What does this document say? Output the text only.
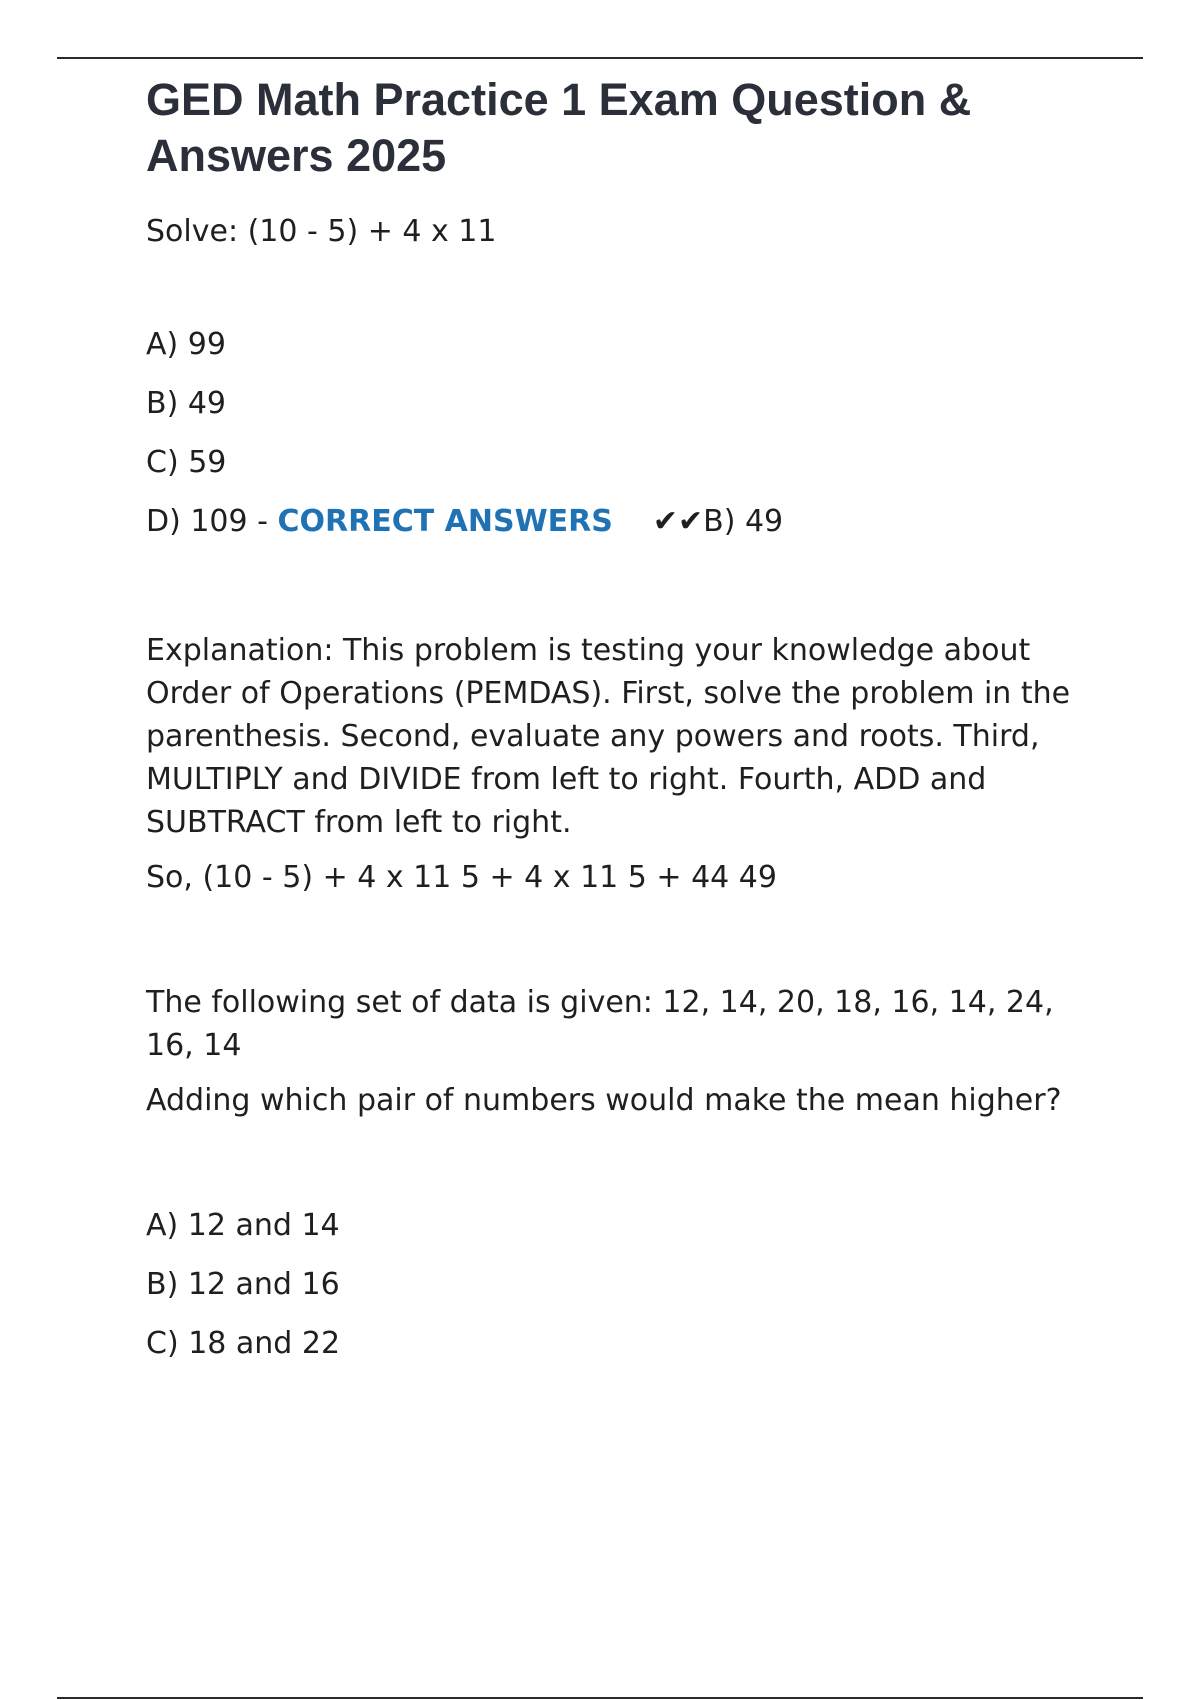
GED Math Practice 1 Exam Question & Answers 2025

Solve: (10 - 5) + 4 x 11

A) 99

B) 49

C) 59

D) 109 - CORRECT ANSWERS ✔✔B) 49

Explanation: This problem is testing your knowledge about Order of Operations (PEMDAS). First, solve the problem in the parenthesis. Second, evaluate any powers and roots. Third, MULTIPLY and DIVIDE from left to right. Fourth, ADD and SUBTRACT from left to right.

So, (10 - 5) + 4 x 11 5 + 4 x 11 5 + 44 49

The following set of data is given: 12, 14, 20, 18, 16, 14, 24, 16, 14

Adding which pair of numbers would make the mean higher?

A) 12 and 14

B) 12 and 16

C) 18 and 22
